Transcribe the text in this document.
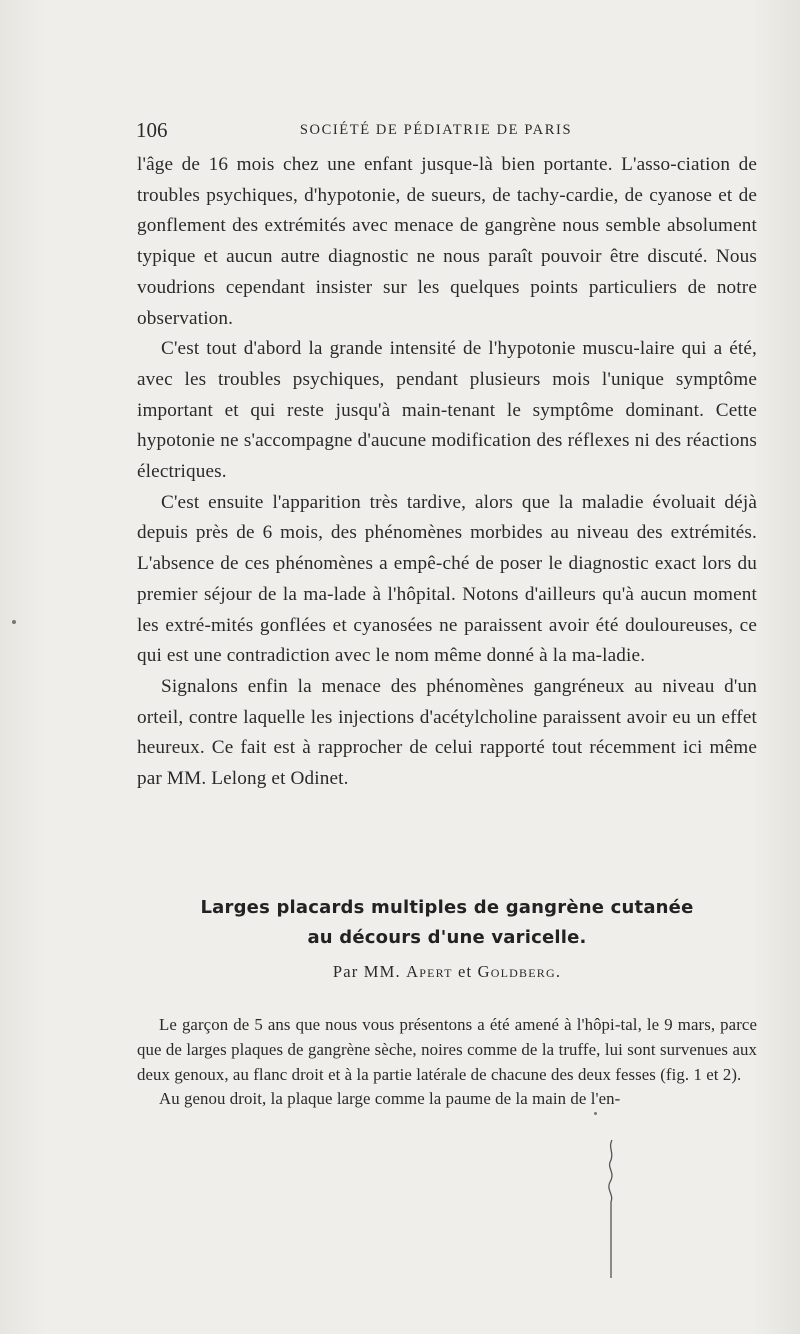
106	SOCIÉTÉ DE PÉDIATRIE DE PARIS

l'âge de 16 mois chez une enfant jusque-là bien portante. L'asso-ciation de troubles psychiques, d'hypotonie, de sueurs, de tachy-cardie, de cyanose et de gonflement des extrémités avec menace de gangrène nous semble absolument typique et aucun autre diagnostic ne nous paraît pouvoir être discuté. Nous voudrions cependant insister sur les quelques points particuliers de notre observation.

C'est tout d'abord la grande intensité de l'hypotonie muscu-laire qui a été, avec les troubles psychiques, pendant plusieurs mois l'unique symptôme important et qui reste jusqu'à main-tenant le symptôme dominant. Cette hypotonie ne s'accompagne d'aucune modification des réflexes ni des réactions électriques.

C'est ensuite l'apparition très tardive, alors que la maladie évoluait déjà depuis près de 6 mois, des phénomènes morbides au niveau des extrémités. L'absence de ces phénomènes a empê-ché de poser le diagnostic exact lors du premier séjour de la ma-lade à l'hôpital. Notons d'ailleurs qu'à aucun moment les extré-mités gonflées et cyanosées ne paraissent avoir été douloureuses, ce qui est une contradiction avec le nom même donné à la ma-ladie.

Signalons enfin la menace des phénomènes gangréneux au niveau d'un orteil, contre laquelle les injections d'acétylcholine paraissent avoir eu un effet heureux. Ce fait est à rapprocher de celui rapporté tout récemment ici même par MM. Lelong et Odinet.

Larges placards multiples de gangrène cutanée
au décours d'une varicelle.
Par MM. Apert et Goldberg.

Le garçon de 5 ans que nous vous présentons a été amené à l'hôpi-tal, le 9 mars, parce que de larges plaques de gangrène sèche, noires comme de la truffe, lui sont survenues aux deux genoux, au flanc droit et à la partie latérale de chacune des deux fesses (fig. 1 et 2).

Au genou droit, la plaque large comme la paume de la main de l'en-
